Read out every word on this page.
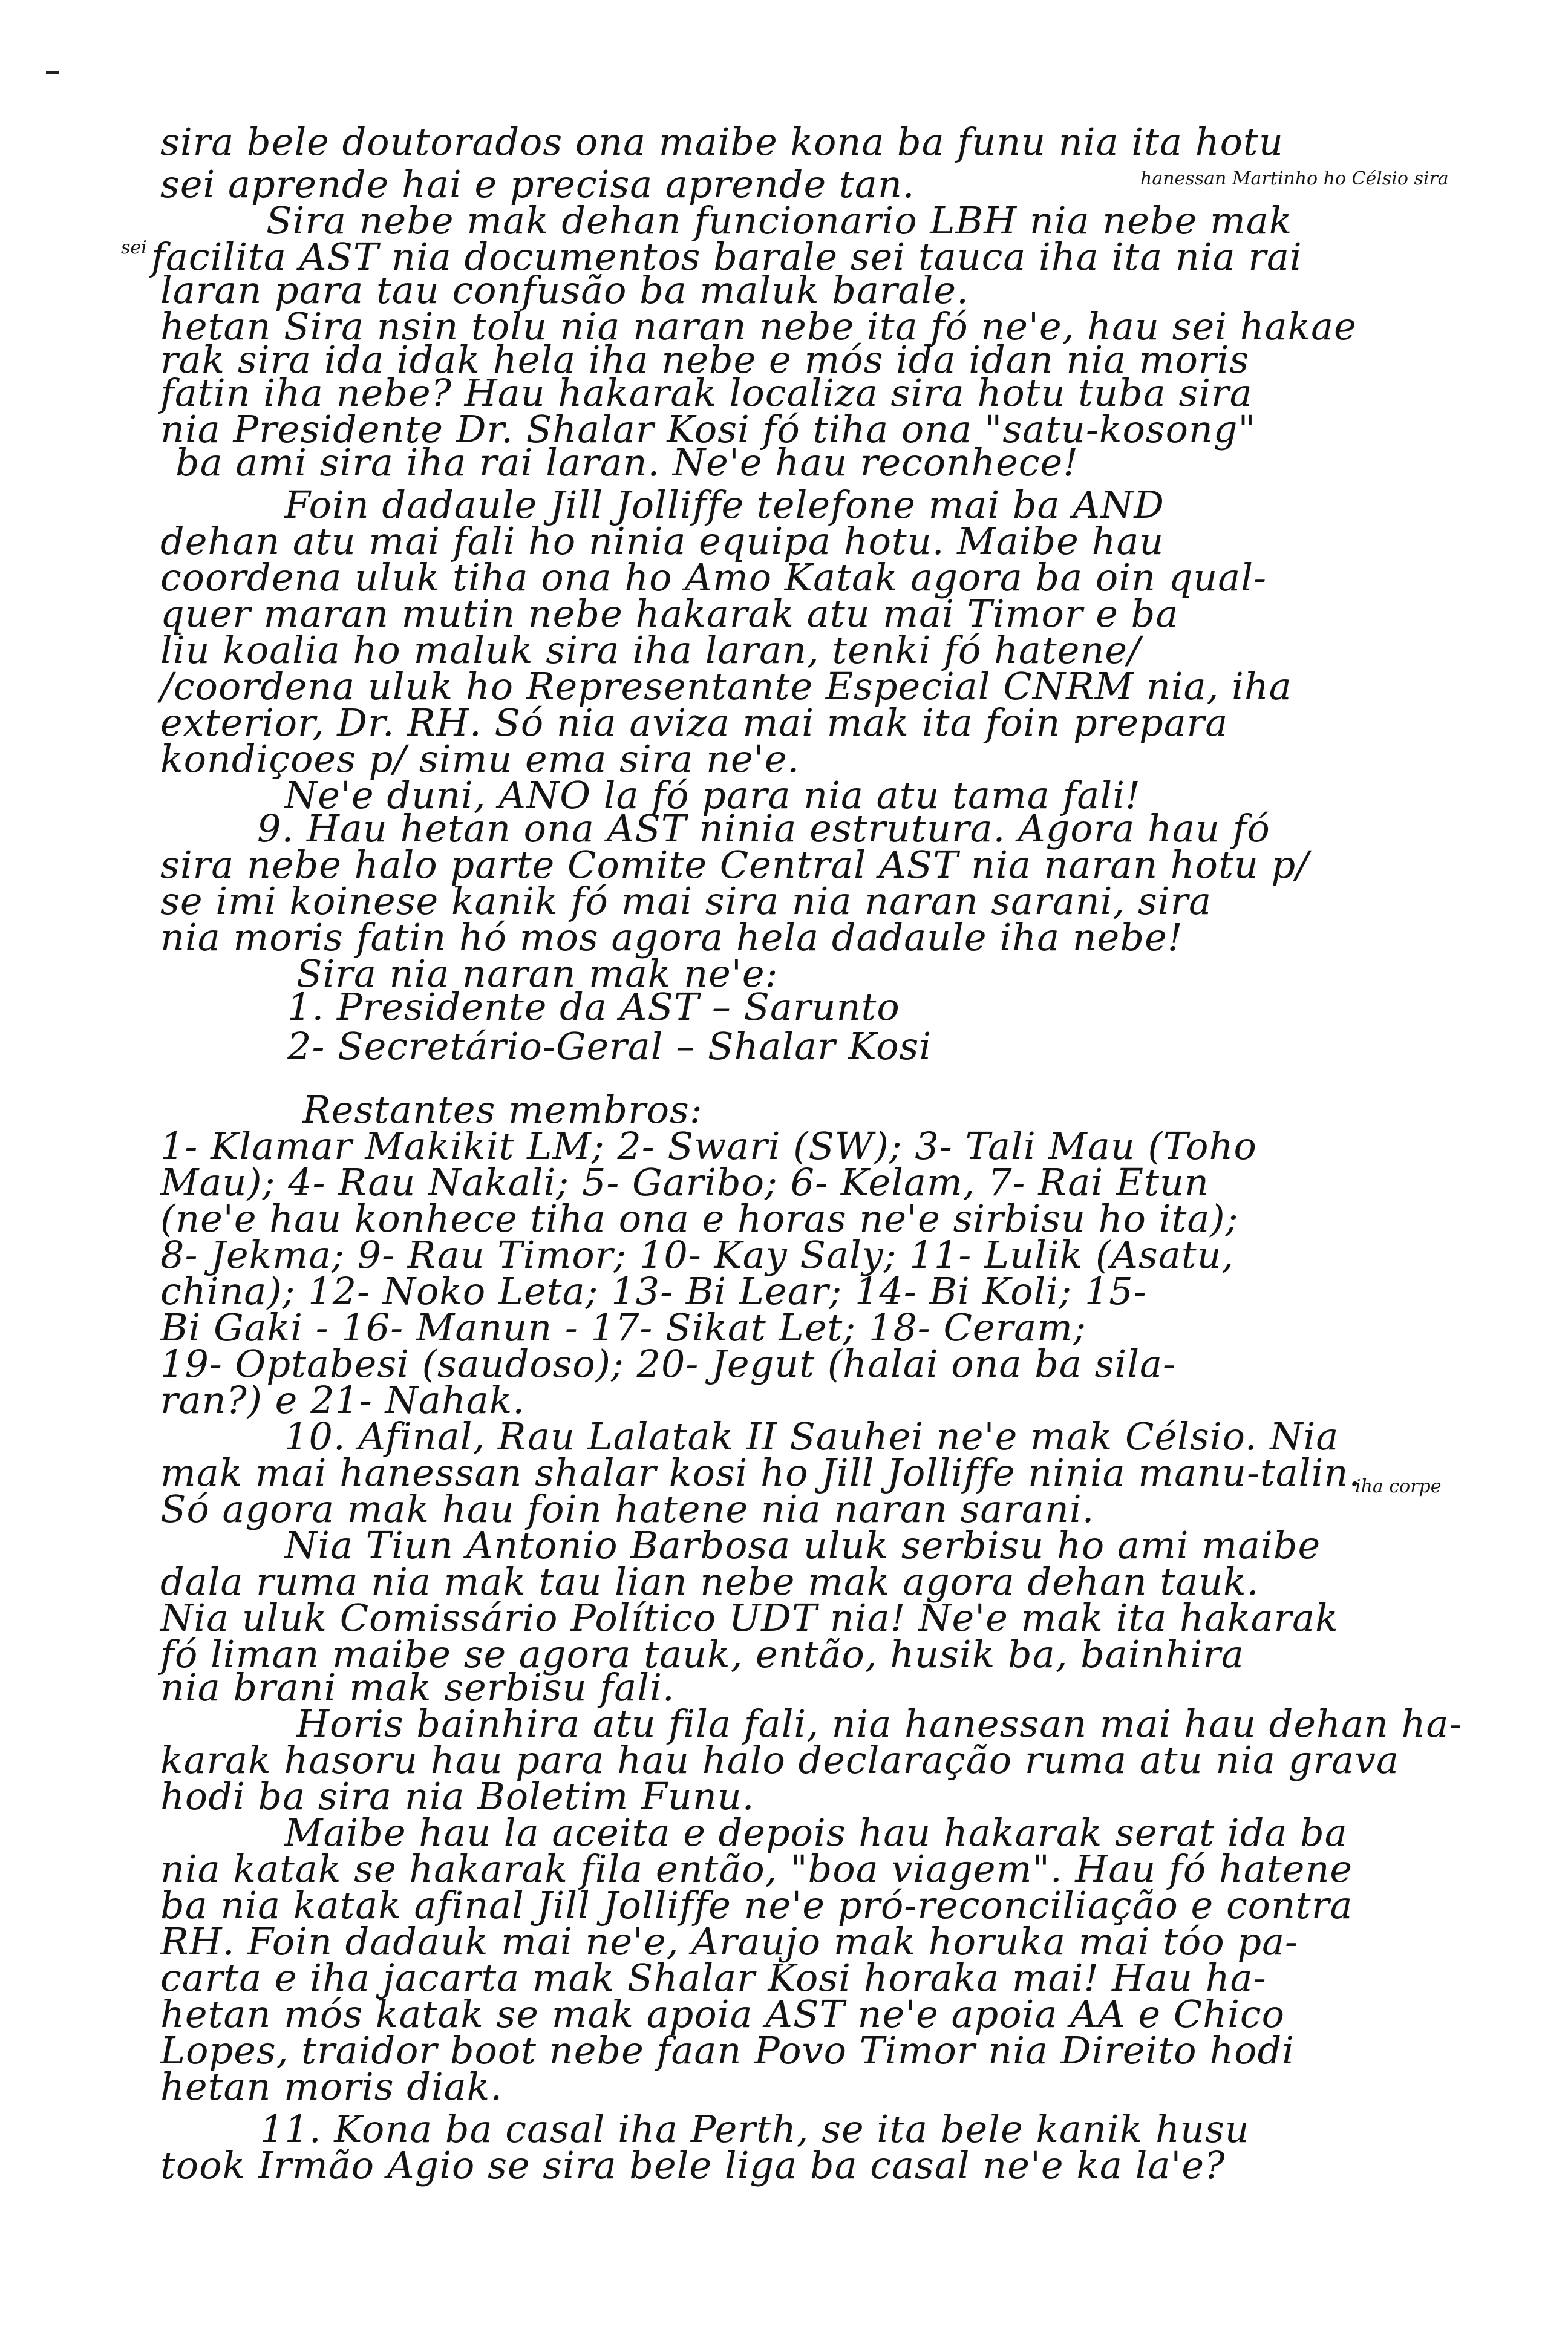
hanessan Martinho ho Célsio sira
sei
iha corpe
sira bele doutorados ona maibe kona ba funu nia ita hotu
sei aprende hai e precisa aprende tan.
Sira nebe mak dehan funcionario LBH nia nebe mak
facilita AST nia documentos barale sei tauca iha ita nia rai
laran para tau confusão ba maluk barale.
hetan Sira nsin tolu nia naran nebe ita fó ne'e, hau sei hakae
rak sira ida idak hela iha nebe e mós ida idan nia moris
fatin iha nebe? Hau hakarak localiza sira hotu tuba sira
nia Presidente Dr. Shalar Kosi fó tiha ona "satu-kosong"
ba ami sira iha rai laran. Ne'e hau reconhece!
Foin dadaule Jill Jolliffe telefone mai ba AND
dehan atu mai fali ho ninia equipa hotu. Maibe hau
coordena uluk tiha ona ho Amo Katak agora ba oin qual-
quer maran mutin nebe hakarak atu mai Timor e ba
liu koalia ho maluk sira iha laran, tenki fó hatene/
/coordena uluk ho Representante Especial CNRM nia, iha
exterior, Dr. RH. Só nia aviza mai mak ita foin prepara
kondiçoes p/ simu ema sira ne'e.
Ne'e duni, ANO la fó para nia atu tama fali!
9. Hau hetan ona AST ninia estrutura. Agora hau fó
sira nebe halo parte Comite Central AST nia naran hotu p/
se imi koinese kanik fó mai sira nia naran sarani, sira
nia moris fatin hó mos agora hela dadaule iha nebe!
Sira nia naran mak ne'e:
1. Presidente da AST – Sarunto
2- Secretário-Geral – Shalar Kosi
Restantes membros:
1- Klamar Makikit LM; 2- Swari (SW); 3- Tali Mau (Toho
Mau); 4- Rau Nakali; 5- Garibo; 6- Kelam, 7- Rai Etun
(ne'e hau konhece tiha ona e horas ne'e sirbisu ho ita);
8- Jekma; 9- Rau Timor; 10- Kay Saly; 11- Lulik (Asatu,
china); 12- Noko Leta; 13- Bi Lear; 14- Bi Koli; 15-
Bi Gaki - 16- Manun - 17- Sikat Let; 18- Ceram;
19- Optabesi (saudoso); 20- Jegut (halai ona ba sila-
ran?) e 21- Nahak.
10. Afinal, Rau Lalatak II Sauhei ne'e mak Célsio. Nia
mak mai hanessan shalar kosi ho Jill Jolliffe ninia manu-talin.
Só agora mak hau foin hatene nia naran sarani.
Nia Tiun Antonio Barbosa uluk serbisu ho ami maibe
dala ruma nia mak tau lian nebe mak agora dehan tauk.
Nia uluk Comissário Político UDT nia! Ne'e mak ita hakarak
fó liman maibe se agora tauk, então, husik ba, bainhira
nia brani mak serbisu fali.
Horis bainhira atu fila fali, nia hanessan mai hau dehan ha-
karak hasoru hau para hau halo declaração ruma atu nia grava
hodi ba sira nia Boletim Funu.
Maibe hau la aceita e depois hau hakarak serat ida ba
nia katak se hakarak fila então, "boa viagem". Hau fó hatene
ba nia katak afinal Jill Jolliffe ne'e pró-reconciliação e contra
RH. Foin dadauk mai ne'e, Araujo mak horuka mai tóo pa-
carta e iha jacarta mak Shalar Kosi horaka mai! Hau ha-
hetan mós katak se mak apoia AST ne'e apoia AA e Chico
Lopes, traidor boot nebe faan Povo Timor nia Direito hodi
hetan moris diak.
11. Kona ba casal iha Perth, se ita bele kanik husu
took Irmão Agio se sira bele liga ba casal ne'e ka la'e?
